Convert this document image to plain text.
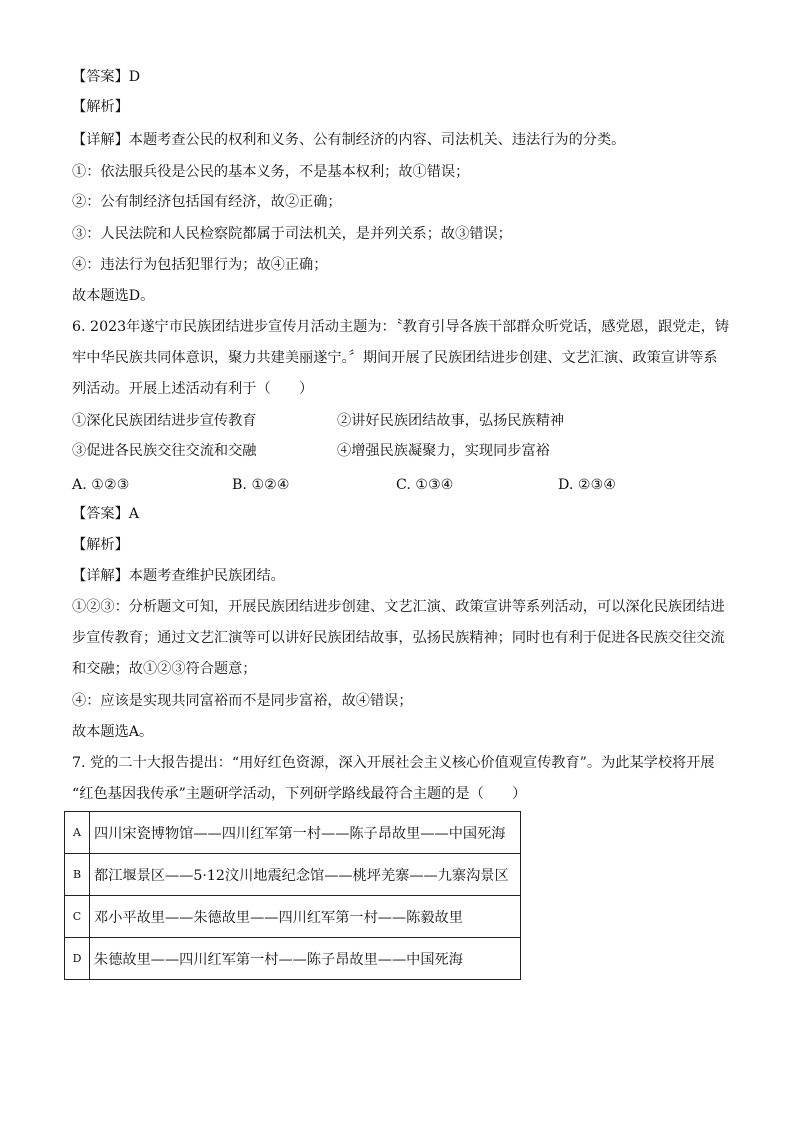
【答案】D
【解析】
【详解】本题考查公民的权利和义务、公有制经济的内容、司法机关、违法行为的分类。
①：依法服兵役是公民的基本义务，不是基本权利；故①错误；
②：公有制经济包括国有经济，故②正确；
③：人民法院和人民检察院都属于司法机关，是并列关系；故③错误；
④：违法行为包括犯罪行为；故④正确；
故本题选D。
6. 2023年遂宁市民族团结进步宣传月活动主题为：〝教育引导各族干部群众听党话，感党恩，跟党走，铸
牢中华民族共同体意识，聚力共建美丽遂宁。〞期间开展了民族团结进步创建、文艺汇演、政策宣讲等系
列活动。开展上述活动有利于（　　）
①深化民族团结进步宣传教育	②讲好民族团结故事，弘扬民族精神
③促进各民族交往交流和交融	④增强民族凝聚力，实现同步富裕
A. ①②③	B. ①②④	C. ①③④	D. ②③④
【答案】A
【解析】
【详解】本题考查维护民族团结。
①②③：分析题文可知，开展民族团结进步创建、文艺汇演、政策宣讲等系列活动，可以深化民族团结进
步宣传教育；通过文艺汇演等可以讲好民族团结故事，弘扬民族精神；同时也有利于促进各民族交往交流
和交融；故①②③符合题意；
④：应该是实现共同富裕而不是同步富裕，故④错误；
故本题选A。
7. 党的二十大报告提出：“用好红色资源，深入开展社会主义核心价值观宣传教育”。为此某学校将开展
“红色基因我传承”主题研学活动，下列研学路线最符合主题的是（　　）
A	四川宋瓷博物馆——四川红军第一村——陈子昂故里——中国死海
B	都江堰景区——5·12汶川地震纪念馆——桃坪羌寨——九寨沟景区
C	邓小平故里——朱德故里——四川红军第一村——陈毅故里
D	朱德故里——四川红军第一村——陈子昂故里——中国死海
